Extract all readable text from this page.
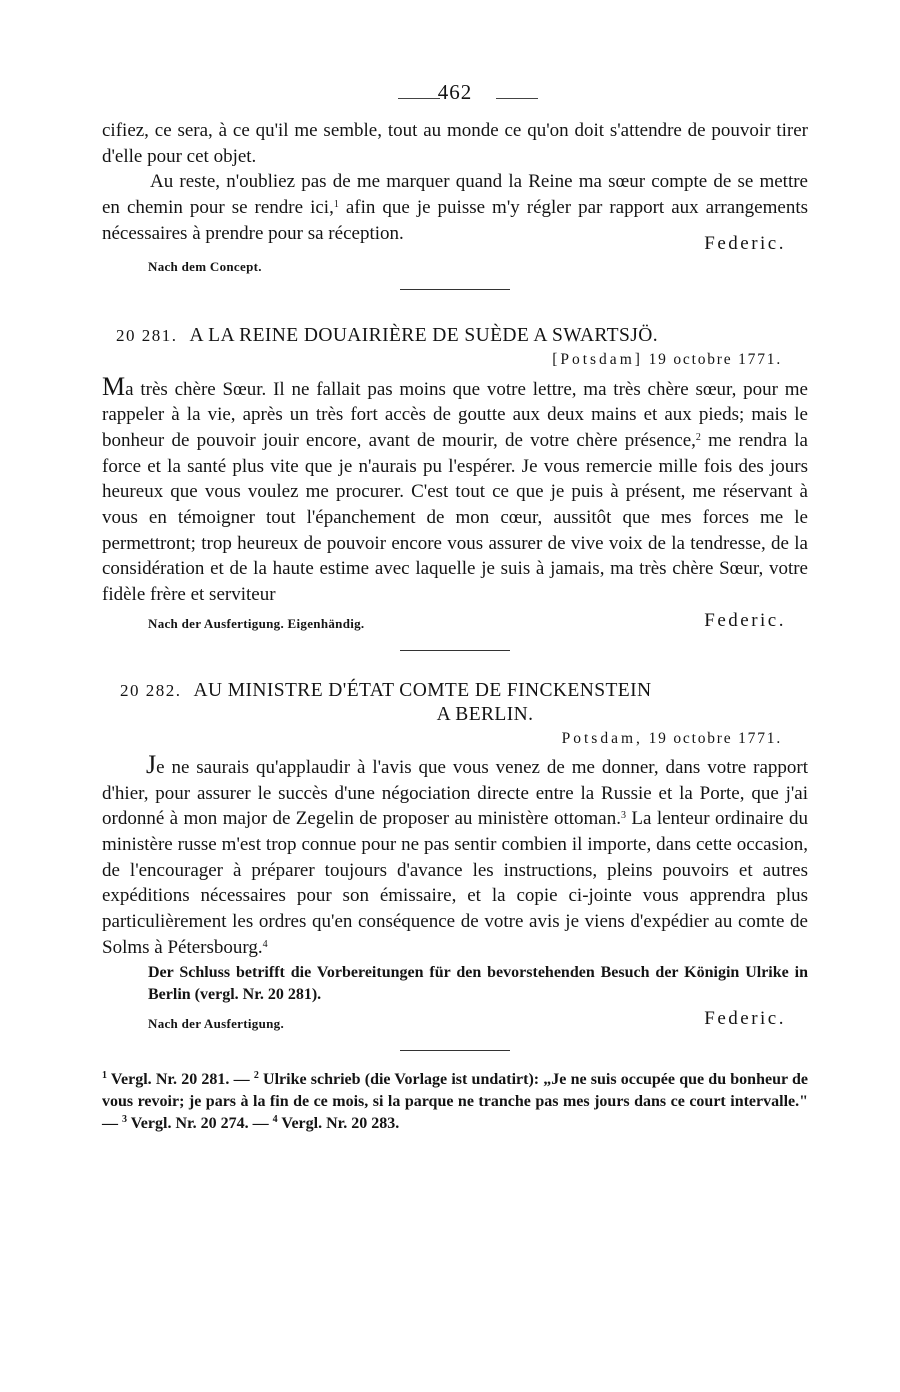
462

cifiez, ce sera, à ce qu'il me semble, tout au monde ce qu'on doit s'attendre de pouvoir tirer d'elle pour cet objet.

Au reste, n'oubliez pas de me marquer quand la Reine ma sœur compte de se mettre en chemin pour se rendre ici,$^1$ afin que je puisse m'y régler par rapport aux arrangements nécessaires à prendre pour sa réception.	Federic.
Nach dem Concept.
20 281. A LA REINE DOUAIRIÈRE DE SUÈDE A SWARTSJÖ.
[Potsdam] 19 octobre 1771.

Ma très chère Sœur. Il ne fallait pas moins que votre lettre, ma très chère sœur, pour me rappeler à la vie, après un très fort accès de goutte aux deux mains et aux pieds; mais le bonheur de pouvoir jouir encore, avant de mourir, de votre chère présence,$^2$ me rendra la force et la santé plus vite que je n'aurais pu l'espérer. Je vous remercie mille fois des jours heureux que vous voulez me procurer. C'est tout ce que je puis à présent, me réservant à vous en témoigner tout l'épanchement de mon cœur, aussitôt que mes forces me le permettront; trop heureux de pouvoir encore vous assurer de vive voix de la tendresse, de la considération et de la haute estime avec laquelle je suis à jamais, ma très chère Sœur, votre fidèle frère et serviteur

Nach der Ausfertigung. Eigenhändig.	Federic.
20 282. AU MINISTRE D'ÉTAT COMTE DE FINCKENSTEIN
A BERLIN.
Potsdam, 19 octobre 1771.

Je ne saurais qu'applaudir à l'avis que vous venez de me donner, dans votre rapport d'hier, pour assurer le succès d'une négociation directe entre la Russie et la Porte, que j'ai ordonné à mon major de Zegelin de proposer au ministère ottoman.$^3$ La lenteur ordinaire du ministère russe m'est trop connue pour ne pas sentir combien il importe, dans cette occasion, de l'encourager à préparer toujours d'avance les instructions, pleins pouvoirs et autres expéditions nécessaires pour son émissaire, et la copie ci-jointe vous apprendra plus particulièrement les ordres qu'en conséquence de votre avis je viens d'expédier au comte de Solms à Pétersbourg.$^4$

Der Schluss betrifft die Vorbereitungen für den bevorstehenden Besuch der Königin Ulrike in Berlin (vergl. Nr. 20 281).

Nach der Ausfertigung.	Federic.

$^1$ Vergl. Nr. 20 281. — $^2$ Ulrike schrieb (die Vorlage ist undatirt): „Je ne suis occupée que du bonheur de vous revoir; je pars à la fin de ce mois, si la parque ne tranche pas mes jours dans ce court intervalle." — $^3$ Vergl. Nr. 20 274. — $^4$ Vergl. Nr. 20 283.
